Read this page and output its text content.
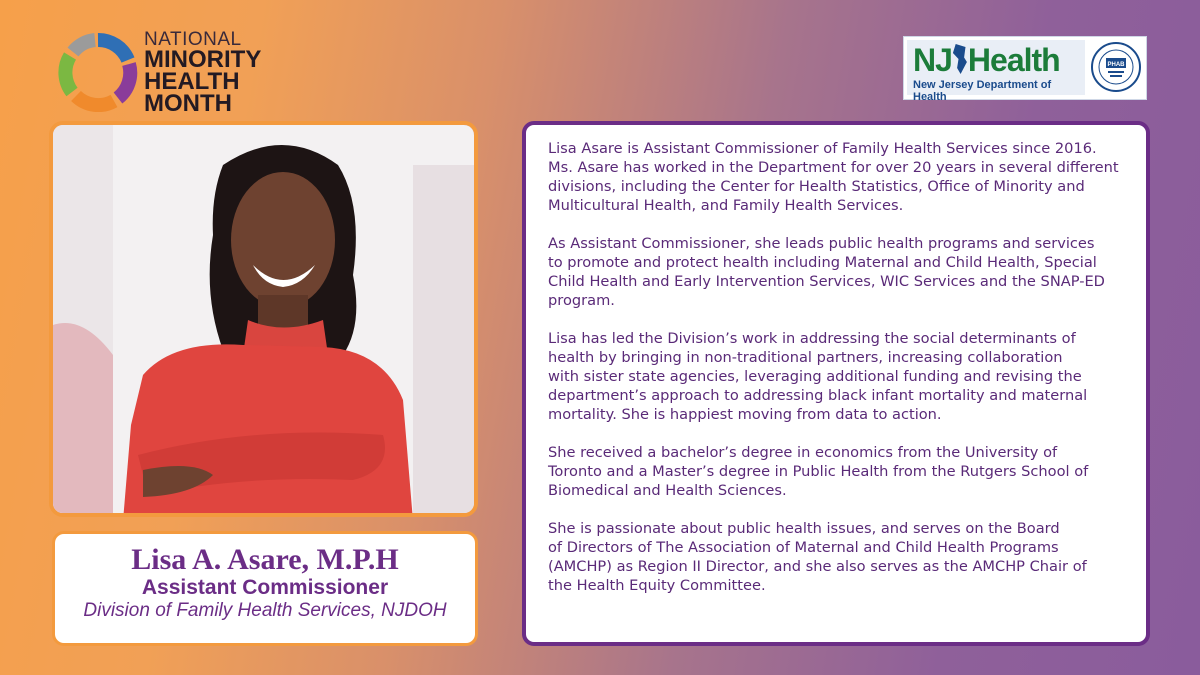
NATIONAL
MINORITY
HEALTH
MONTH
NJ Health
New Jersey Department of Health
PHAB
Lisa A. Asare, M.P.H
Assistant Commissioner
Division of Family Health Services, NJDOH

Lisa Asare is Assistant Commissioner of Family Health Services since 2016.
Ms. Asare has worked in the Department for over 20 years in several different
divisions, including the Center for Health Statistics, Office of Minority and
Multicultural Health, and Family Health Services.

As Assistant Commissioner, she leads public health programs and services
to promote and protect health including Maternal and Child Health, Special
Child Health and Early Intervention Services, WIC Services and the SNAP-ED
program.

Lisa has led the Division’s work in addressing the social determinants of
health by bringing in non-traditional partners, increasing collaboration
with sister state agencies, leveraging additional funding and revising the
department’s approach to addressing black infant mortality and maternal
mortality. She is happiest moving from data to action.

She received a bachelor’s degree in economics from the University of
Toronto and a Master’s degree in Public Health from the Rutgers School of
Biomedical and Health Sciences.

She is passionate about public health issues, and serves on the Board
of Directors of The Association of Maternal and Child Health Programs
(AMCHP) as Region II Director, and she also serves as the AMCHP Chair of
the Health Equity Committee.
